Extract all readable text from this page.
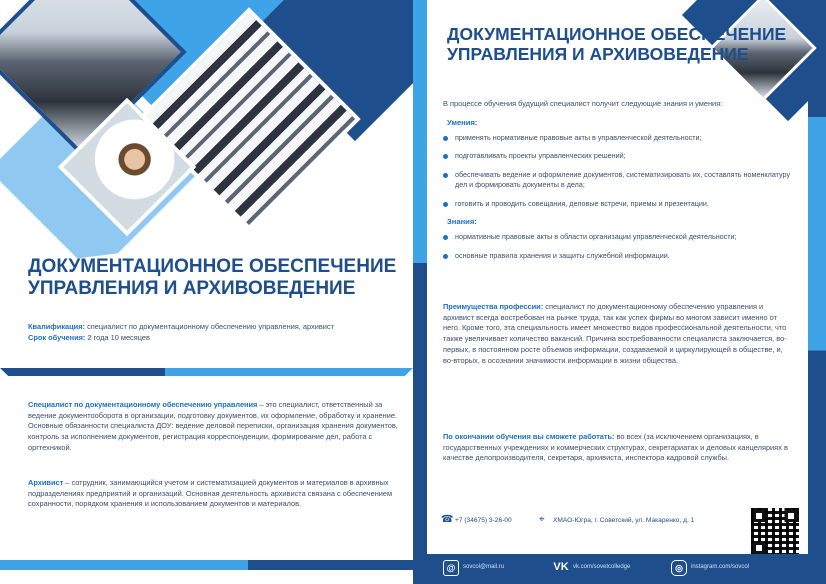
ДОКУМЕНТАЦИОННОЕ ОБЕСПЕЧЕНИЕ
УПРАВЛЕНИЯ И АРХИВОВЕДЕНИЕ
Квалификация: специалист по документационному обеспечению управления, архивист
Срок обучения: 2 года 10 месяцев
Специалист по документационному обеспечению управления – это специалист, ответственный за ведение документооборота в организации, подготовку документов, их оформление, обработку и хранение. Основные обязанности специалиста ДОУ: ведение деловой переписки, организация хранения документов, контроль за исполнением документов, регистрация корреспонденции, формирование дел, работа с оргтехникой.
Архивист – сотрудник, занимающийся учетом и систематизацией документов и материалов в архивных подразделениях предприятий и организаций. Основная деятельность архивиста связана с обеспечением сохранности, порядком хранения и использованием документов и материалов.
ДОКУМЕНТАЦИОННОЕ ОБЕСПЕЧЕНИЕ
УПРАВЛЕНИЯ И АРХИВОВЕДЕНИЕ
В процессе обучения будущий специалист получит следующие знания и умения:
Умения:
применять нормативные правовые акты в управленческой деятельности;
подготавливать проекты управленческих решений;
обеспечивать ведение и оформление документов, систематизировать их, составлять номенклатуру дел и формировать документы в дела;
готовить и проводить совещания, деловые встречи, приемы и презентации.
Знания:
нормативные правовые акты в области организации управленческой деятельности;
основные правила хранения и защиты служебной информации.
Преимущества профессии: специалист по документационному обеспечению управления и архивист всегда востребован на рынке труда, так как успех фирмы во многом зависит именно от него. Кроме того, эта специальность имеет множество видов профессиональной деятельности, что также увеличивает количество вакансий. Причина востребованности специалиста заключается, во-первых, в постоянном росте объемов информации, создаваемой и циркулирующей в обществе, и, во-вторых, в осознании значимости информации в жизни общества.
По окончании обучения вы сможете работать: во всех (за исключением организациях, в государственных учреждениях и коммерческих структурах, секретариатах и деловых канцеляриях в качестве делопроизводителя, секретаря, архивиста, инспектора кадровой службы.
☎ +7 (34675) 3-26-00	⌖ ХМАО-Югра, г. Советский, ул. Макаренко, д. 1
@	sovcol@mail.ru	VK vk.com/sovetcolledge	◎	instagram.com/sovcol
